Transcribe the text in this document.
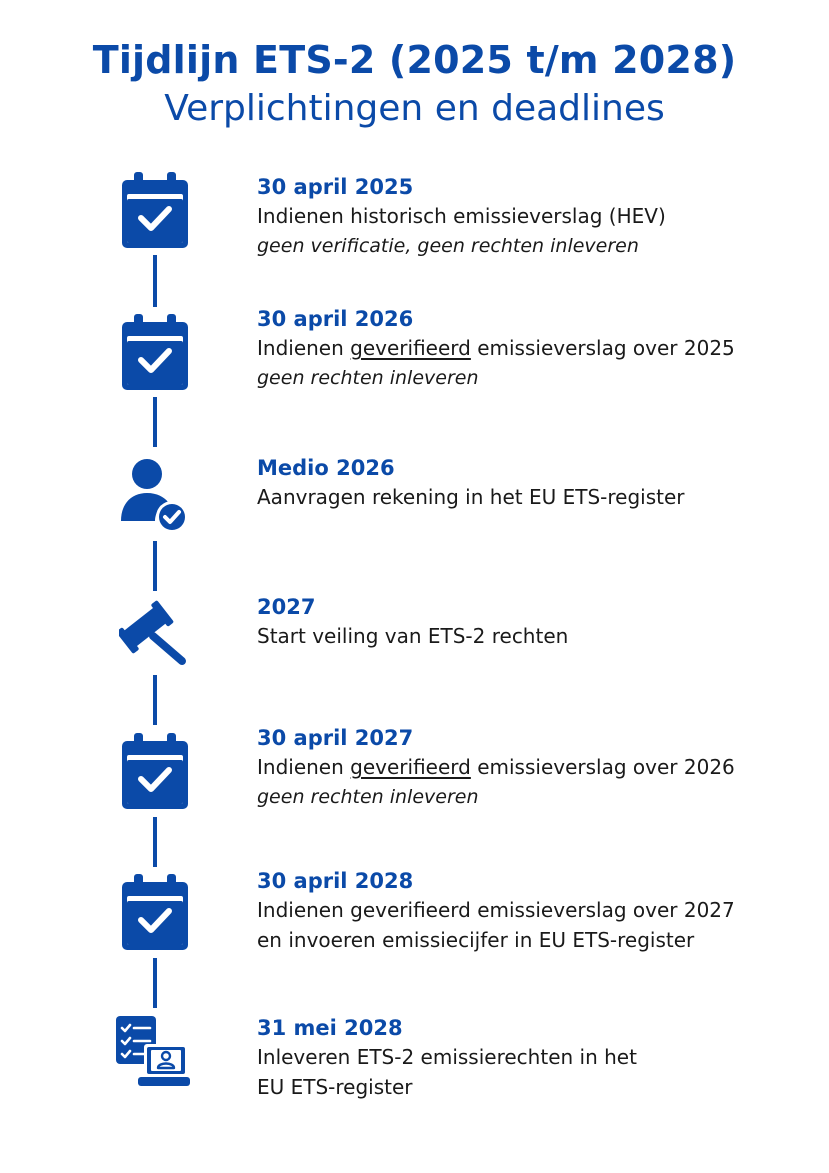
Tijdlijn ETS-2 (2025 t/m 2028)
Verplichtingen en deadlines
30 april 2025
Indienen historisch emissieverslag (HEV)
geen verificatie, geen rechten inleveren
30 april 2026
Indienen geverifieerd emissieverslag over 2025
geen rechten inleveren
Medio 2026
Aanvragen rekening in het EU ETS-register
2027
Start veiling van ETS-2 rechten
30 april 2027
Indienen geverifieerd emissieverslag over 2026
geen rechten inleveren
30 april 2028
Indienen geverifieerd emissieverslag over 2027
en invoeren emissiecijfer in EU ETS-register
31 mei 2028
Inleveren ETS-2 emissierechten in het
EU ETS-register
